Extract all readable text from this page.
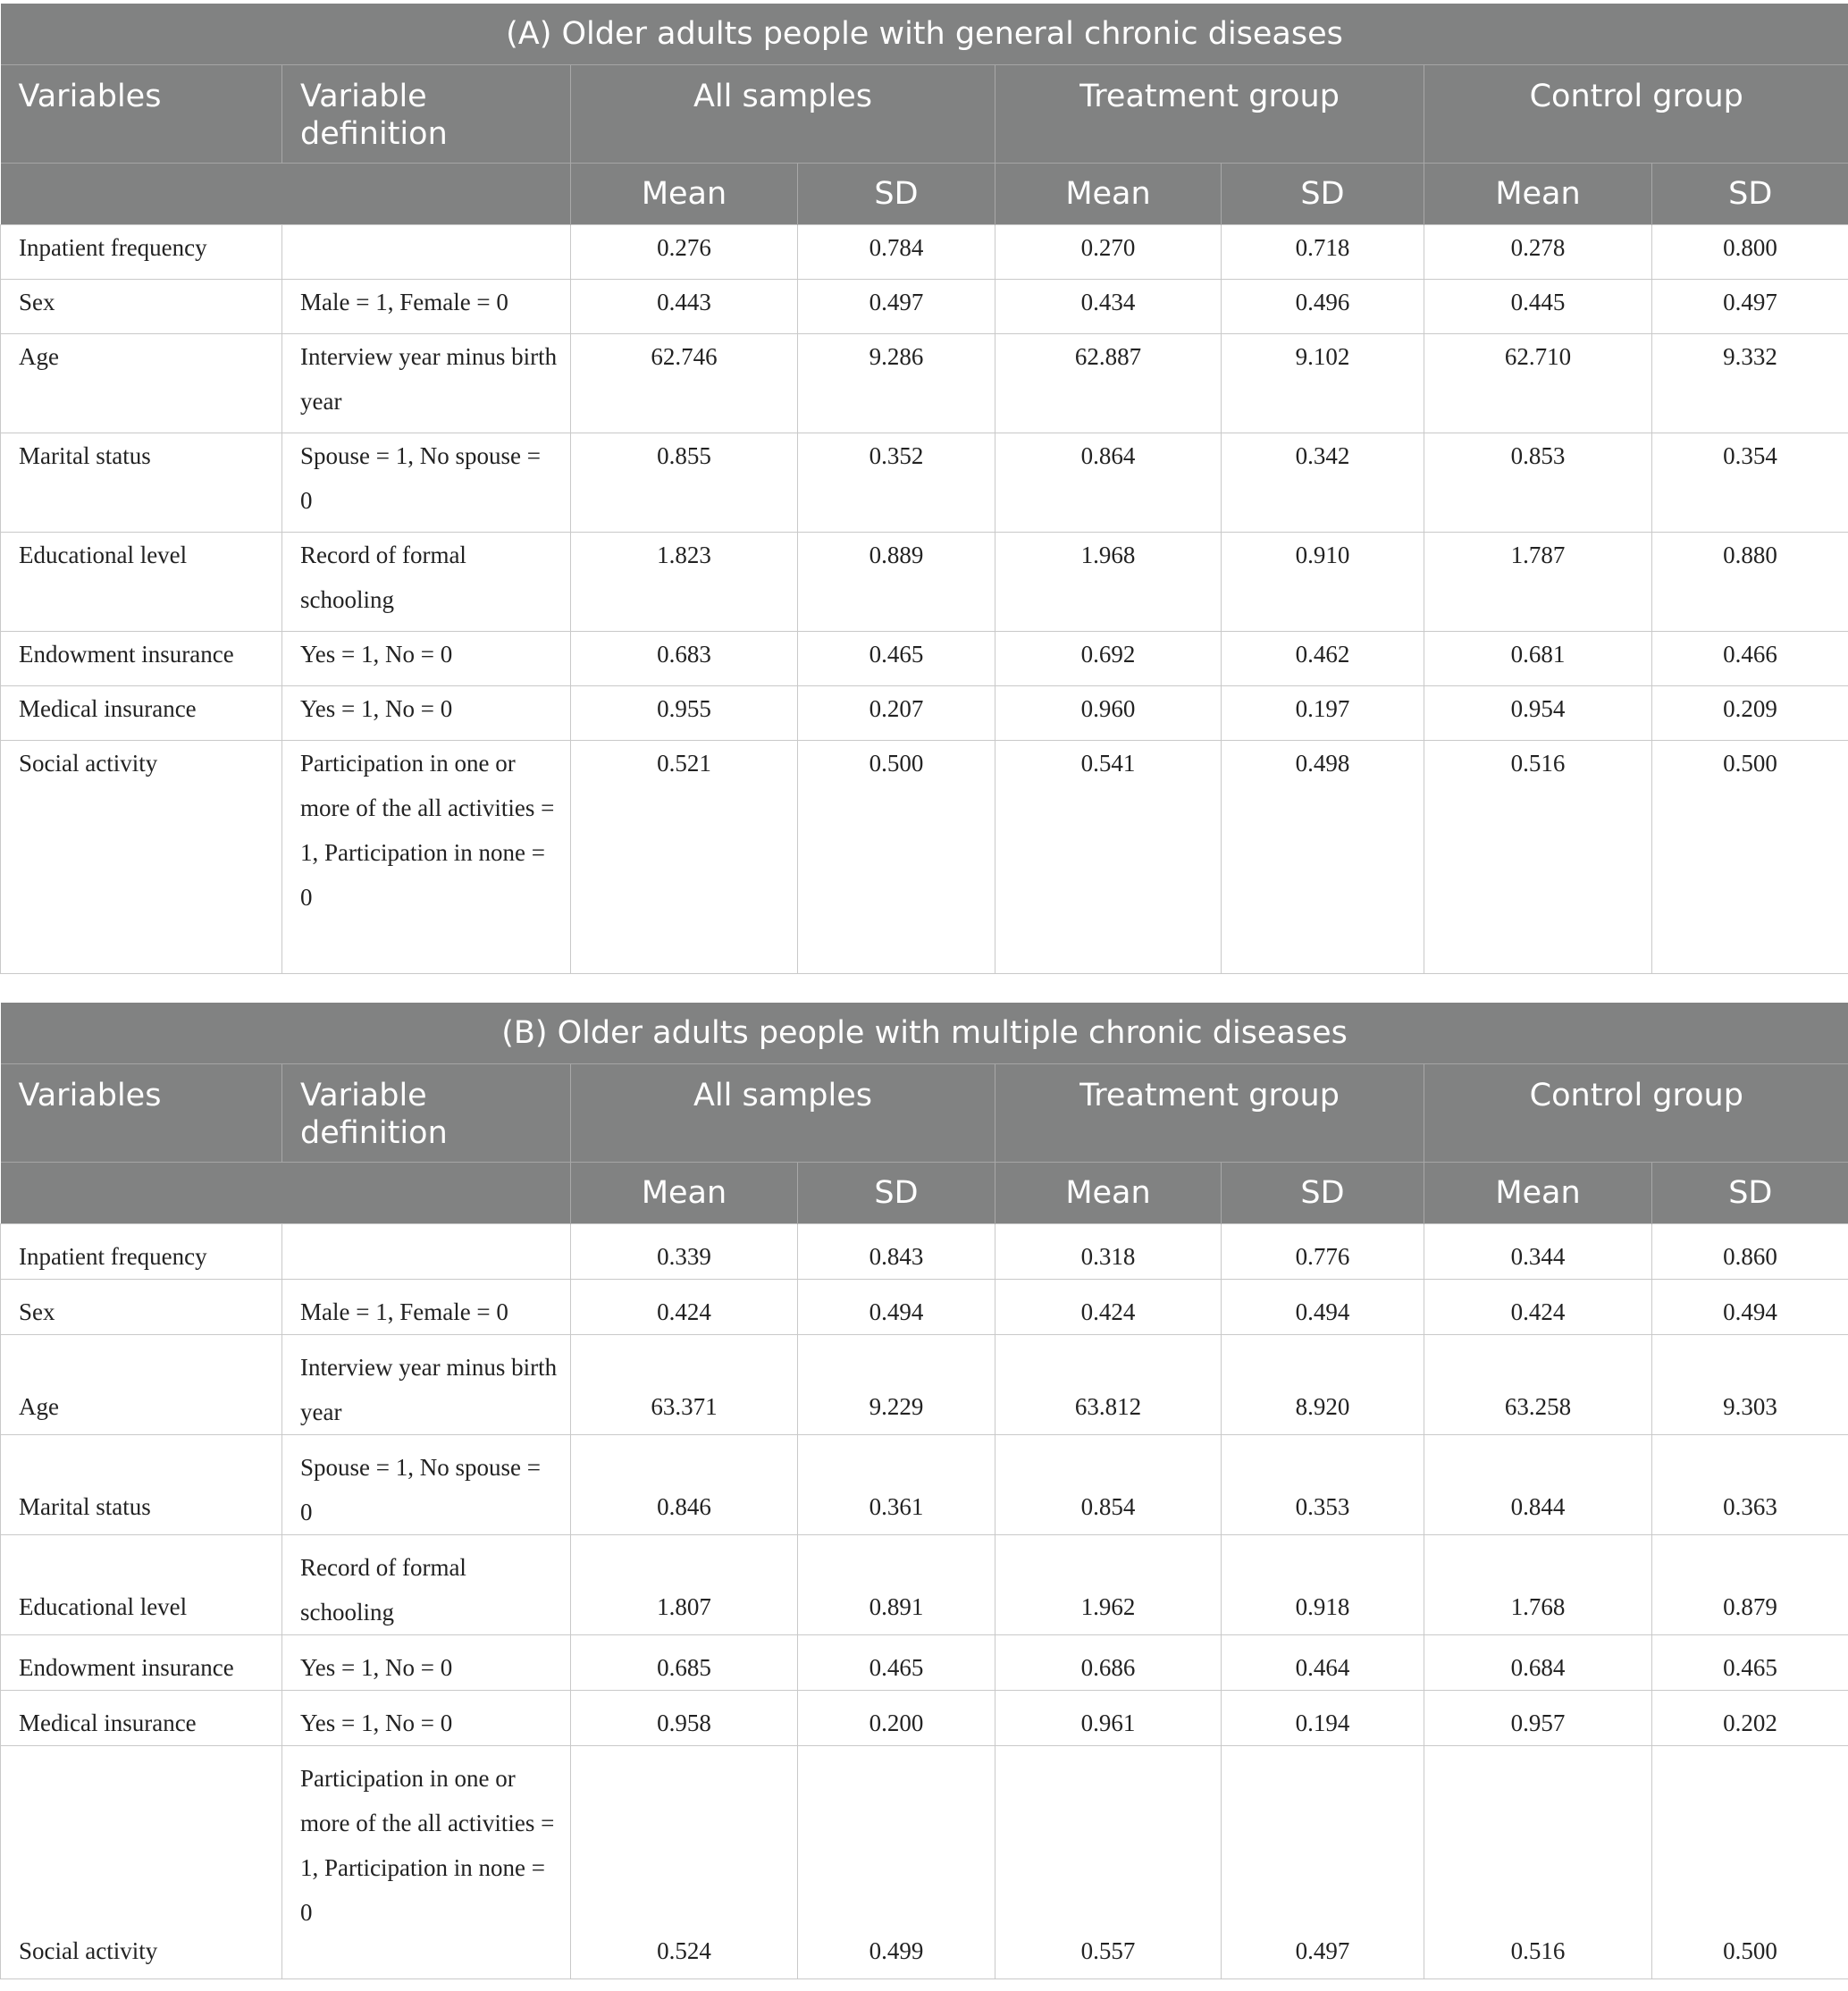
(A) Older adults people with general chronic diseases							
Variables	Variable definition	All samples		Treatment group		Control group	
		Mean	SD	Mean	SD	Mean	SD
Inpatient frequency		0.276	0.784	0.270	0.718	0.278	0.800
Sex	Male = 1, Female = 0	0.443	0.497	0.434	0.496	0.445	0.497
Age	Interview year minus birth year	62.746	9.286	62.887	9.102	62.710	9.332
Marital status	Spouse = 1, No spouse = 0	0.855	0.352	0.864	0.342	0.853	0.354
Educational level	Record of formal schooling	1.823	0.889	1.968	0.910	1.787	0.880
Endowment insurance	Yes = 1, No = 0	0.683	0.465	0.692	0.462	0.681	0.466
Medical insurance	Yes = 1, No = 0	0.955	0.207	0.960	0.197	0.954	0.209
Social activity	Participation in one or more of the all activities = 1, Participation in none = 0	0.521	0.500	0.541	0.498	0.516	0.500
(B) Older adults people with multiple chronic diseases							
Variables	Variable definition	All samples		Treatment group		Control group	
		Mean	SD	Mean	SD	Mean	SD
Inpatient frequency		0.339	0.843	0.318	0.776	0.344	0.860
Sex	Male = 1, Female = 0	0.424	0.494	0.424	0.494	0.424	0.494
Age	Interview year minus birth year	63.371	9.229	63.812	8.920	63.258	9.303
Marital status	Spouse = 1, No spouse = 0	0.846	0.361	0.854	0.353	0.844	0.363
Educational level	Record of formal schooling	1.807	0.891	1.962	0.918	1.768	0.879
Endowment insurance	Yes = 1, No = 0	0.685	0.465	0.686	0.464	0.684	0.465
Medical insurance	Yes = 1, No = 0	0.958	0.200	0.961	0.194	0.957	0.202
Social activity	Participation in one or more of the all activities = 1, Participation in none = 0	0.524	0.499	0.557	0.497	0.516	0.500
